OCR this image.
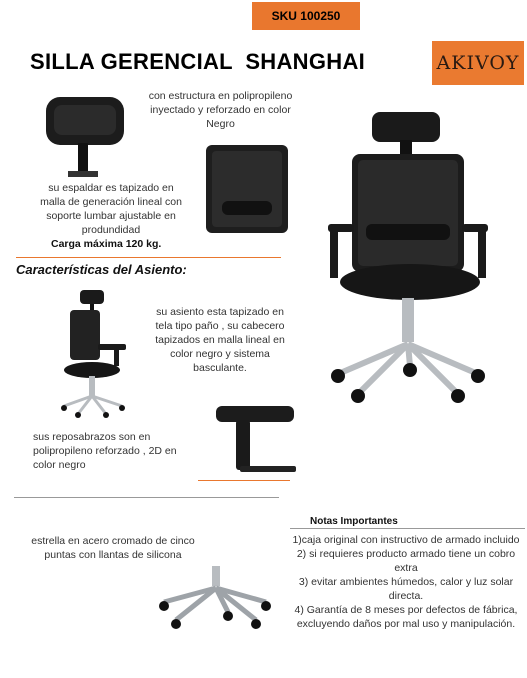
SKU 100250
SILLA GERENCIAL  SHANGHAI	AKIVOY
con estructura en polipropileno inyectado y reforzado en color Negro
su espaldar es tapizado en malla de generación lineal con soporte lumbar ajustable en produndidad
Carga máxima 120 kg.
Características del Asiento:
su asiento esta tapizado en tela tipo paño , su cabecero tapizados en malla lineal en color negro y sistema basculante.
sus reposabrazos son en polipropileno reforzado , 2D en color negro
estrella en acero cromado de cinco puntas con llantas de silicona
Notas Importantes
1)caja original con instructivo de armado incluido
2) si requieres producto armado tiene un cobro extra
3) evitar ambientes húmedos, calor y luz solar directa.
4) Garantía de 8 meses por defectos de fábrica, excluyendo daños por mal uso y manipulación.
